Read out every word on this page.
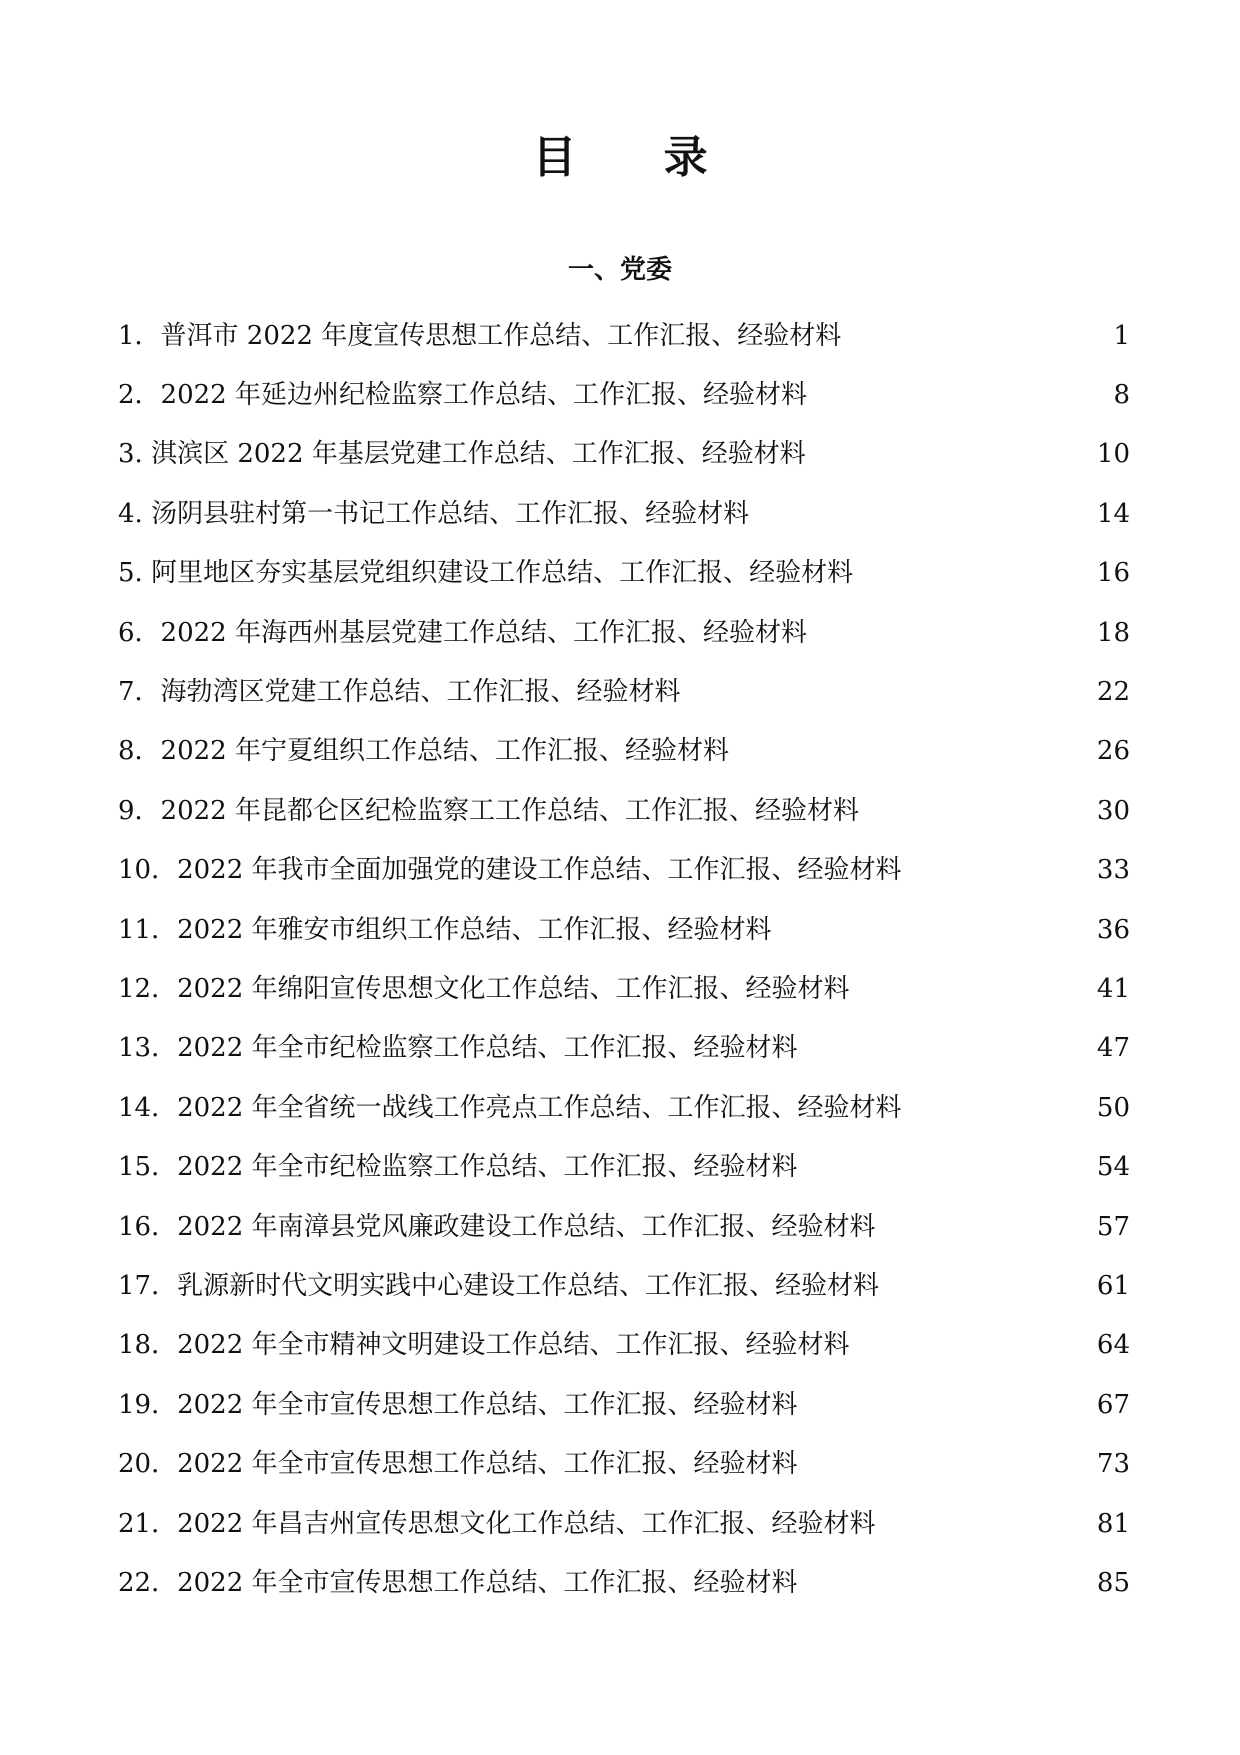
目 录
一、党委
1．普洱市 2022 年度宣传思想工作总结、工作汇报、经验材料	1
2．2022 年延边州纪检监察工作总结、工作汇报、经验材料	8
3. 淇滨区 2022 年基层党建工作总结、工作汇报、经验材料	10
4. 汤阴县驻村第一书记工作总结、工作汇报、经验材料	14
5. 阿里地区夯实基层党组织建设工作总结、工作汇报、经验材料	16
6．2022 年海西州基层党建工作总结、工作汇报、经验材料	18
7．海勃湾区党建工作总结、工作汇报、经验材料	22
8．2022 年宁夏组织工作总结、工作汇报、经验材料	26
9．2022 年昆都仑区纪检监察工工作总结、工作汇报、经验材料	30
10．2022 年我市全面加强党的建设工作总结、工作汇报、经验材料	33
11．2022 年雅安市组织工作总结、工作汇报、经验材料	36
12．2022 年绵阳宣传思想文化工作总结、工作汇报、经验材料	41
13．2022 年全市纪检监察工作总结、工作汇报、经验材料	47
14．2022 年全省统一战线工作亮点工作总结、工作汇报、经验材料	50
15．2022 年全市纪检监察工作总结、工作汇报、经验材料	54
16．2022 年南漳县党风廉政建设工作总结、工作汇报、经验材料	57
17．乳源新时代文明实践中心建设工作总结、工作汇报、经验材料	61
18．2022 年全市精神文明建设工作总结、工作汇报、经验材料	64
19．2022 年全市宣传思想工作总结、工作汇报、经验材料	67
20．2022 年全市宣传思想工作总结、工作汇报、经验材料	73
21．2022 年昌吉州宣传思想文化工作总结、工作汇报、经验材料	81
22．2022 年全市宣传思想工作总结、工作汇报、经验材料	85
